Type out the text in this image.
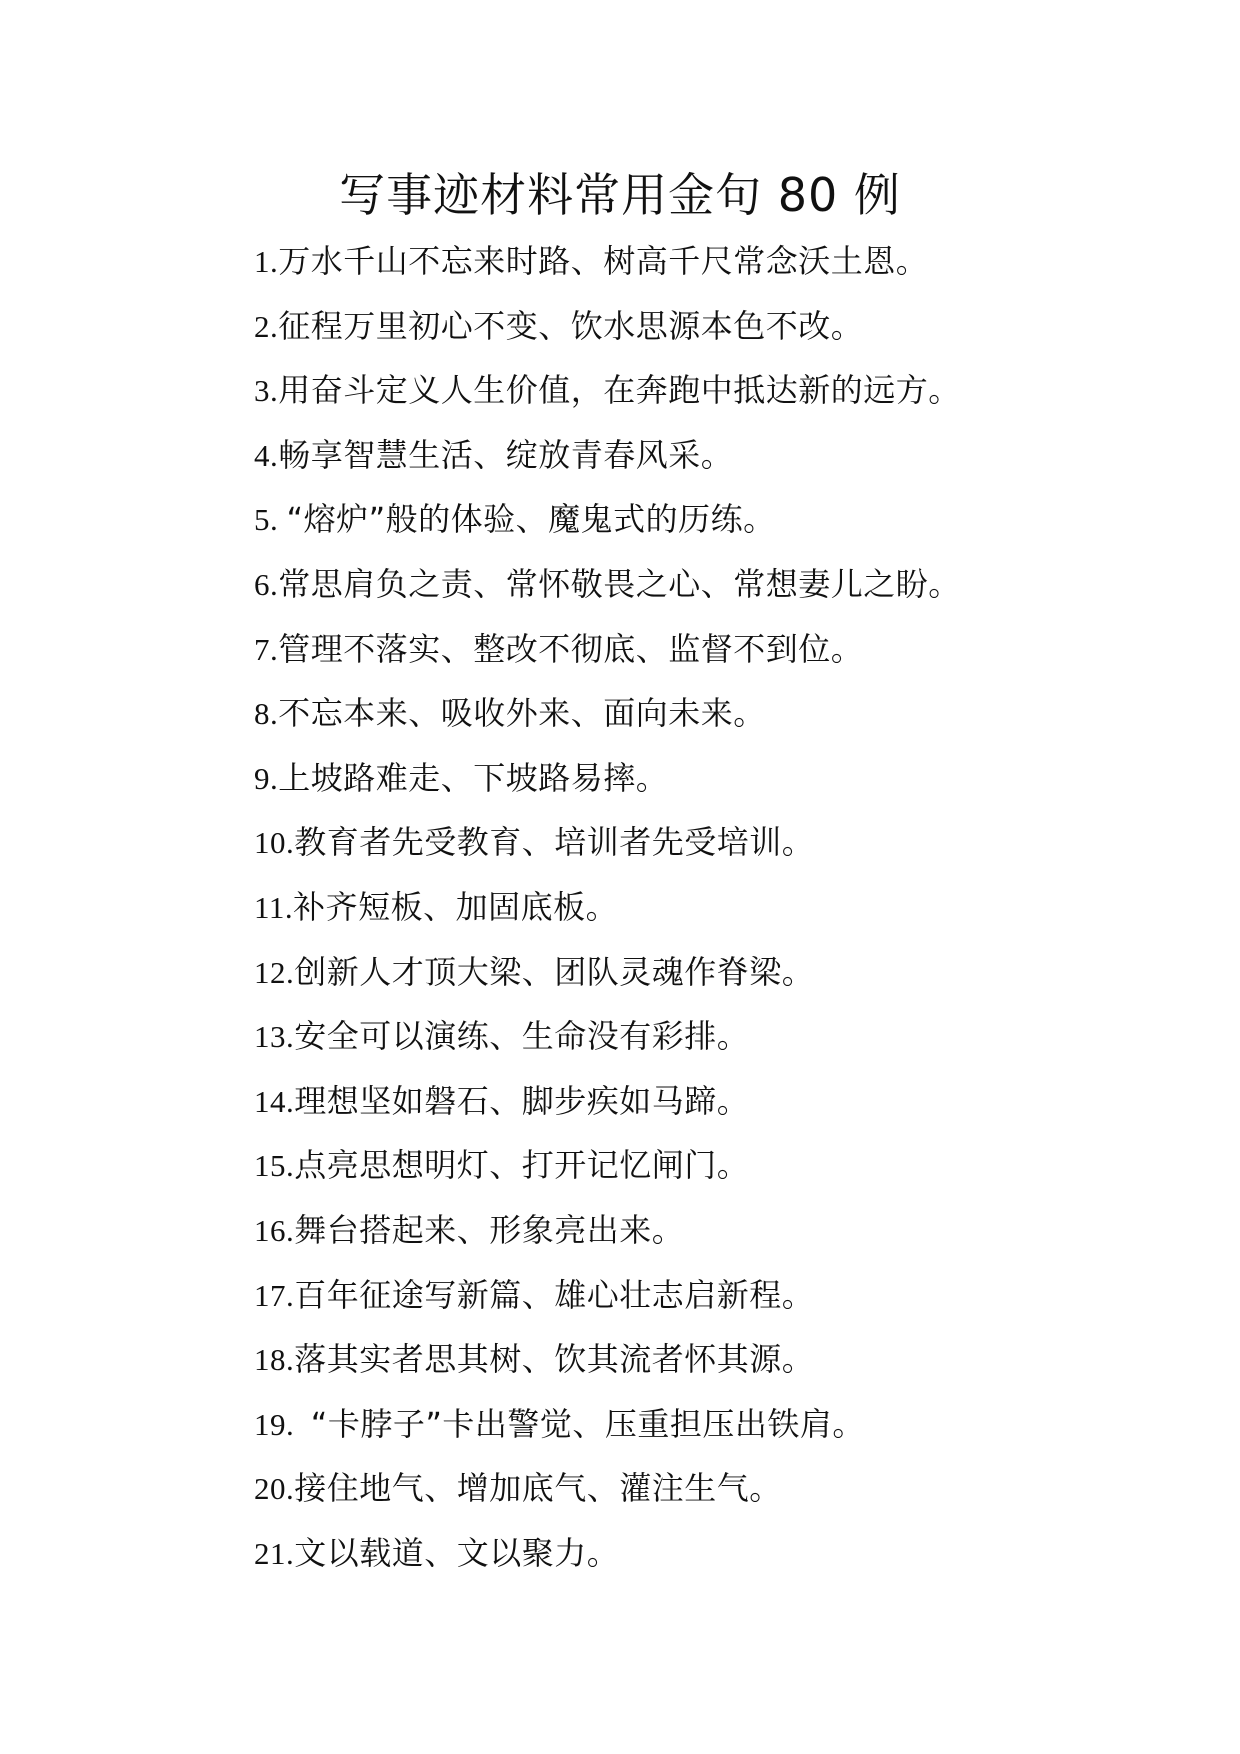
写事迹材料常用金句 80 例
1.万水千山不忘来时路、树高千尺常念沃土恩。
2.征程万里初心不变、饮水思源本色不改。
3.用奋斗定义人生价值，在奔跑中抵达新的远方。
4.畅享智慧生活、绽放青春风采。
5. “熔炉”般的体验、魔鬼式的历练。
6.常思肩负之责、常怀敬畏之心、常想妻儿之盼。
7.管理不落实、整改不彻底、监督不到位。
8.不忘本来、吸收外来、面向未来。
9.上坡路难走、下坡路易摔。
10.教育者先受教育、培训者先受培训。
11.补齐短板、加固底板。
12.创新人才顶大梁、团队灵魂作脊梁。
13.安全可以演练、生命没有彩排。
14.理想坚如磐石、脚步疾如马蹄。
15.点亮思想明灯、打开记忆闸门。
16.舞台搭起来、形象亮出来。
17.百年征途写新篇、雄心壮志启新程。
18.落其实者思其树、饮其流者怀其源。
19.  “卡脖子”卡出警觉、压重担压出铁肩。
20.接住地气、增加底气、灌注生气。
21.文以载道、文以聚力。
